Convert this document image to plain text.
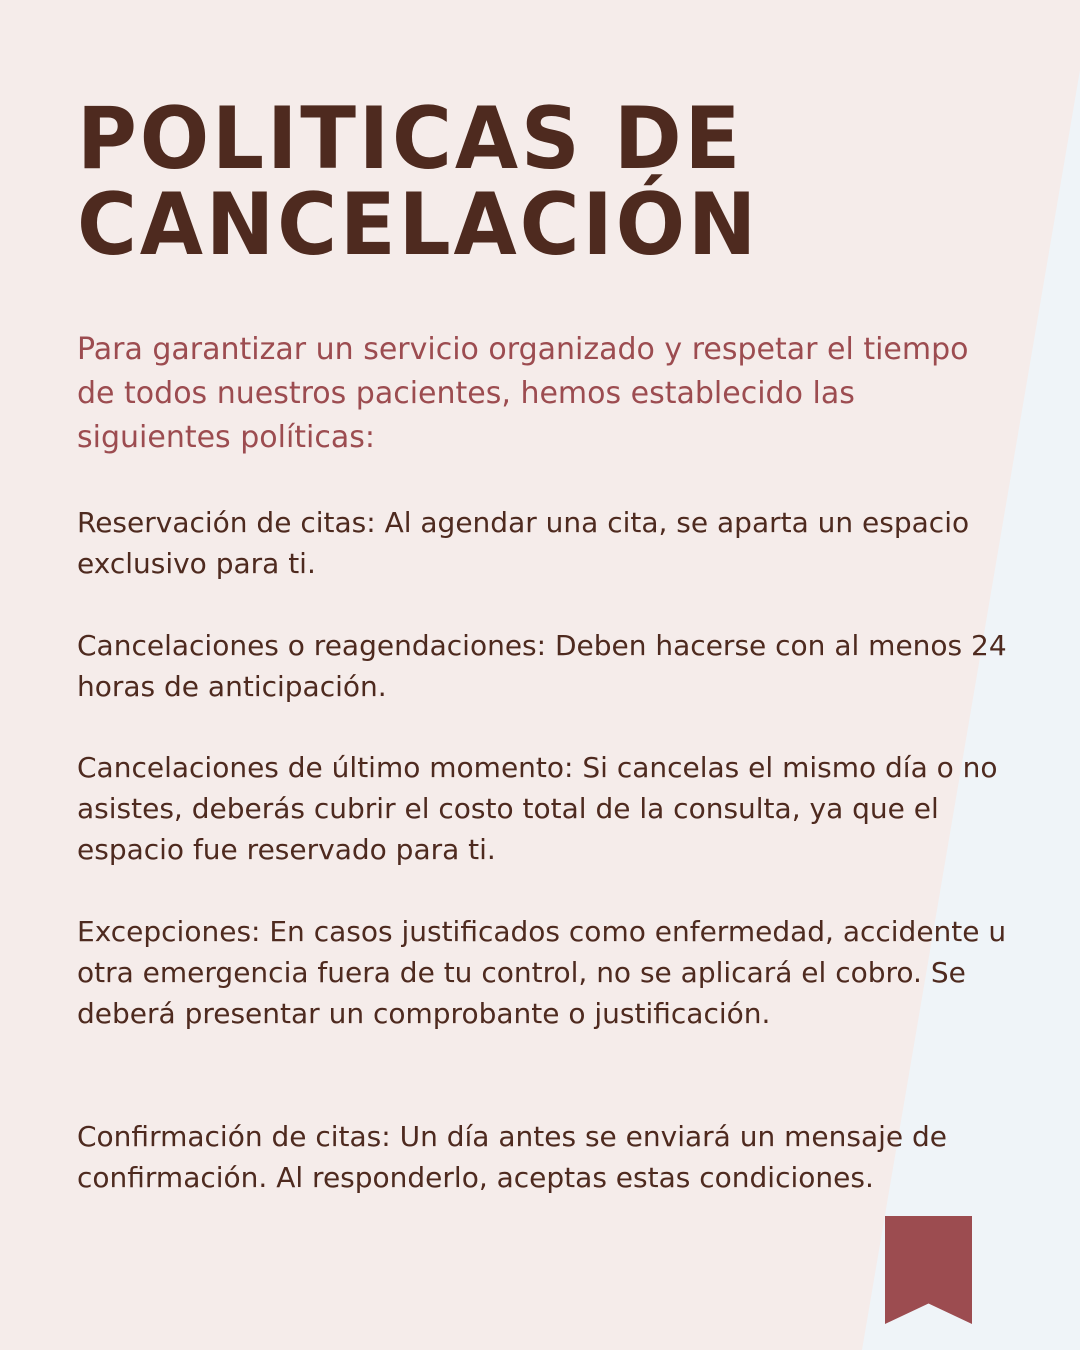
POLITICAS DE
CANCELACIÓN

Para garantizar un servicio organizado y respetar el tiempo de todos nuestros pacientes, hemos establecido las siguientes políticas:

Reservación de citas: Al agendar una cita, se aparta un espacio exclusivo para ti.

Cancelaciones o reagendaciones: Deben hacerse con al menos 24 horas de anticipación.

Cancelaciones de último momento: Si cancelas el mismo día o no asistes, deberás cubrir el costo total de la consulta, ya que el espacio fue reservado para ti.

Excepciones: En casos justificados como enfermedad, accidente u otra emergencia fuera de tu control, no se aplicará el cobro. Se deberá presentar un comprobante o justificación.

Confirmación de citas: Un día antes se enviará un mensaje de confirmación. Al responderlo, aceptas estas condiciones.
